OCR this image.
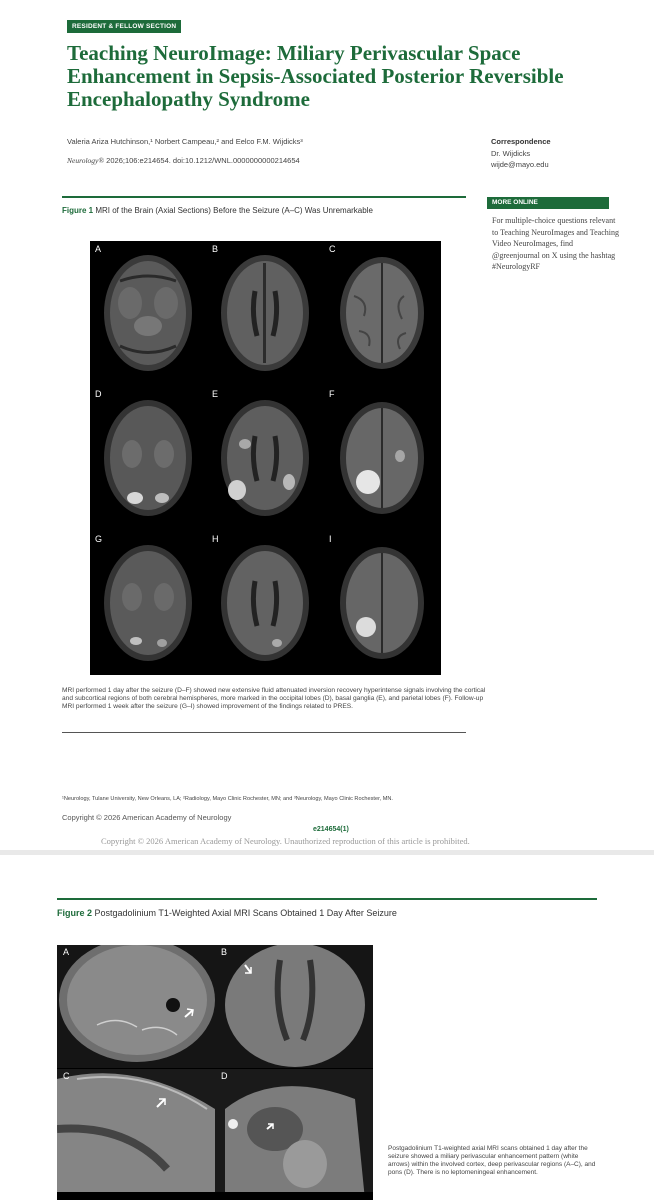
RESIDENT & FELLOW SECTION
Teaching NeuroImage: Miliary Perivascular Space Enhancement in Sepsis-Associated Posterior Reversible Encephalopathy Syndrome
Valeria Ariza Hutchinson,¹ Norbert Campeau,² and Eelco F.M. Wijdicks³
Neurology® 2026;106:e214654. doi:10.1212/WNL.0000000000214654
Correspondence
Dr. Wijdicks
wijde@mayo.edu
Figure 1 MRI of the Brain (Axial Sections) Before the Seizure (A–C) Was Unremarkable
MORE ONLINE
For multiple-choice questions relevant to Teaching NeuroImages and Teaching Video NeuroImages, find @greenjournal on X using the hashtag #NeurologyRF
A	B	C
D	E	F
G	H	I
MRI performed 1 day after the seizure (D–F) showed new extensive fluid attenuated inversion recovery hyperintense signals involving the cortical and subcortical regions of both cerebral hemispheres, more marked in the occipital lobes (D), basal ganglia (E), and parietal lobes (F). Follow-up MRI performed 1 week after the seizure (G–I) showed improvement of the findings related to PRES.
¹Neurology, Tulane University, New Orleans, LA; ²Radiology, Mayo Clinic Rochester, MN; and ³Neurology, Mayo Clinic Rochester, MN.
Copyright © 2026 American Academy of Neurology
e214654(1)
Copyright © 2026 American Academy of Neurology. Unauthorized reproduction of this article is prohibited.
Figure 2 Postgadolinium T1-Weighted Axial MRI Scans Obtained 1 Day After Seizure
A	B
C	D
Postgadolinium T1-weighted axial MRI scans obtained 1 day after the seizure showed a miliary perivascular enhancement pattern (white arrows) within the involved cortex, deep perivascular regions (A–C), and pons (D). There is no leptomeningeal enhancement.
